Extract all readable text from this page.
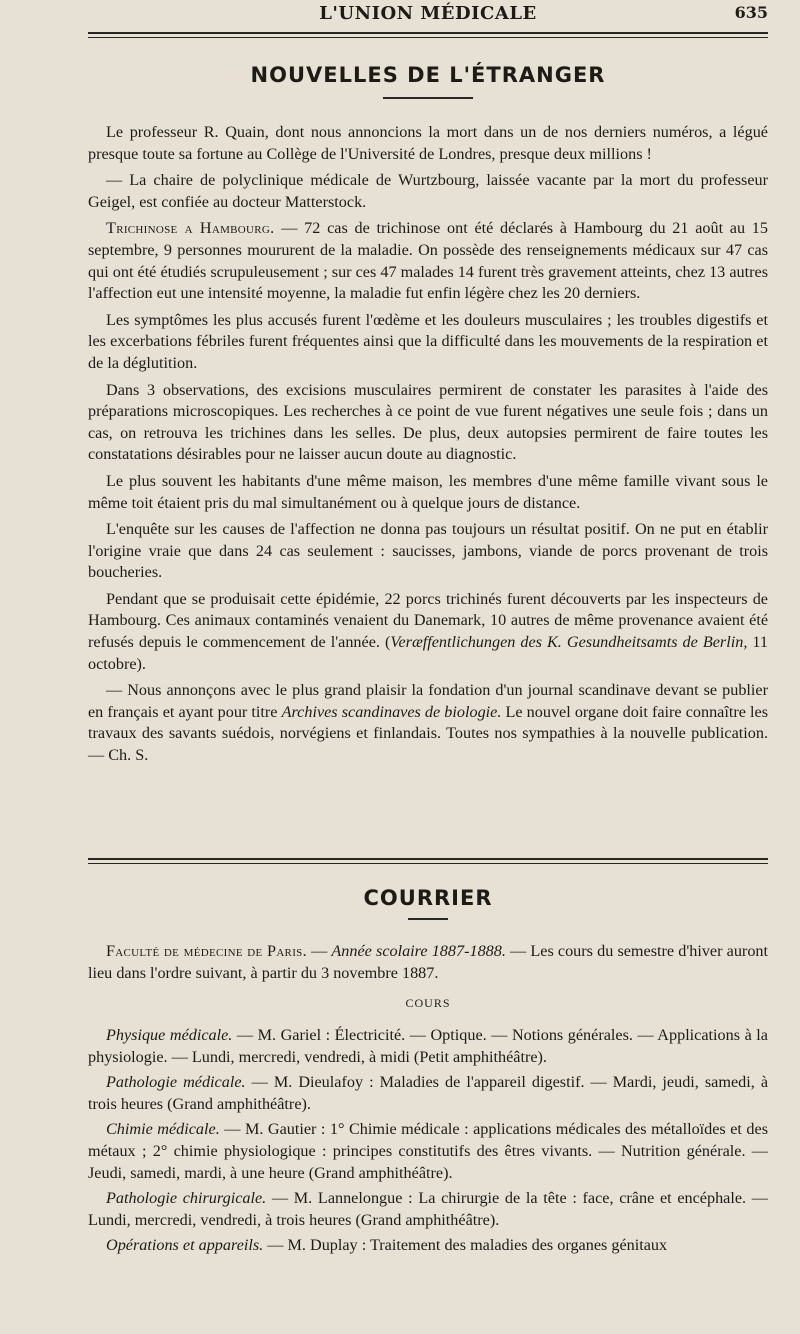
L'UNION MÉDICALE	635
NOUVELLES DE L'ÉTRANGER

Le professeur R. Quain, dont nous annoncions la mort dans un de nos derniers numéros, a légué presque toute sa fortune au Collège de l'Université de Londres, presque deux millions !

— La chaire de polyclinique médicale de Wurtzbourg, laissée vacante par la mort du professeur Geigel, est confiée au docteur Matterstock.

Trichinose a Hambourg. — 72 cas de trichinose ont été déclarés à Hambourg du 21 août au 15 septembre, 9 personnes moururent de la maladie. On possède des renseignements médicaux sur 47 cas qui ont été étudiés scrupuleusement ; sur ces 47 malades 14 furent très gravement atteints, chez 13 autres l'affection eut une intensité moyenne, la maladie fut enfin légère chez les 20 derniers.

Les symptômes les plus accusés furent l'œdème et les douleurs musculaires ; les troubles digestifs et les excerbations fébriles furent fréquentes ainsi que la difficulté dans les mouvements de la respiration et de la déglutition.

Dans 3 observations, des excisions musculaires permirent de constater les parasites à l'aide des préparations microscopiques. Les recherches à ce point de vue furent négatives une seule fois ; dans un cas, on retrouva les trichines dans les selles. De plus, deux autopsies permirent de faire toutes les constatations désirables pour ne laisser aucun doute au diagnostic.

Le plus souvent les habitants d'une même maison, les membres d'une même famille vivant sous le même toit étaient pris du mal simultanément ou à quelque jours de distance.

L'enquête sur les causes de l'affection ne donna pas toujours un résultat positif. On ne put en établir l'origine vraie que dans 24 cas seulement : saucisses, jambons, viande de porcs provenant de trois boucheries.

Pendant que se produisait cette épidémie, 22 porcs trichinés furent découverts par les inspecteurs de Hambourg. Ces animaux contaminés venaient du Danemark, 10 autres de même provenance avaient été refusés depuis le commencement de l'année. (Veræffentlichungen des K. Gesundheitsamts de Berlin, 11 octobre).

— Nous annonçons avec le plus grand plaisir la fondation d'un journal scandinave devant se publier en français et ayant pour titre Archives scandinaves de biologie. Le nouvel organe doit faire connaître les travaux des savants suédois, norvégiens et finlandais. Toutes nos sympathies à la nouvelle publication. — Ch. S.

COURRIER

Faculté de médecine de Paris. — Année scolaire 1887-1888. — Les cours du semestre d'hiver auront lieu dans l'ordre suivant, à partir du 3 novembre 1887.

COURS

Physique médicale. — M. Gariel : Électricité. — Optique. — Notions générales. — Applications à la physiologie. — Lundi, mercredi, vendredi, à midi (Petit amphithéâtre).

Pathologie médicale. — M. Dieulafoy : Maladies de l'appareil digestif. — Mardi, jeudi, samedi, à trois heures (Grand amphithéâtre).

Chimie médicale. — M. Gautier : 1° Chimie médicale : applications médicales des métalloïdes et des métaux ; 2° chimie physiologique : principes constitutifs des êtres vivants. — Nutrition générale. — Jeudi, samedi, mardi, à une heure (Grand amphithéâtre).

Pathologie chirurgicale. — M. Lannelongue : La chirurgie de la tête : face, crâne et encéphale. — Lundi, mercredi, vendredi, à trois heures (Grand amphithéâtre).

Opérations et appareils. — M. Duplay : Traitement des maladies des organes génitaux
